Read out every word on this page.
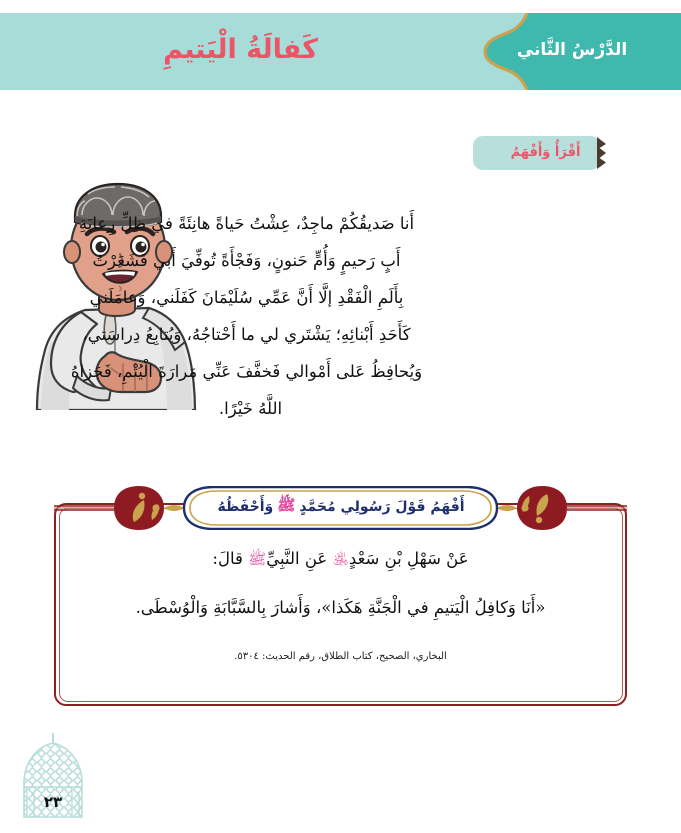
كَفالَةُ الْيَتيمِ	الدَّرْسُ الثَّاني
أَقْرَأُ وَأَفْهَمُ
أَنا صَديقُكُمْ ماجِدٌ، عِشْتُ حَياةً هانِئَةً في ظِلِّ رِعايَةِ
أَبٍ رَحيمٍ وَأُمٍّ حَنونٍ، وَفَجْأَةً تُوفِّيَ أَبي فَشَعَرْتُ
بِأَلَمِ الْفَقْدِ إلَّا أَنَّ عَمِّي سُلَيْمَانَ كَفَلَني، وَعامَلَني
كَأَحَدِ أَبْنائِهِ؛ يَشْتَري لي ما أَحْتاجُهُ، وَيُتابِعُ دِراسَتي،
وَيُحافِظُ عَلى أَمْوالي فَخفَّفَ عَنِّي مَرارَةَ الْيُتْمِ، فَجَزاهُ
اللَّهُ خَيْرًا.
أَفْهَمُ قَوْلَ رَسُولِي مُحَمَّدٍ
ﷺ
وَأَحْفَظُهُ
عَنْ سَهْلِ بْنِ سَعْدٍ﵁ عَنِ النَّبِيِّﷺ قالَ:
«أَنَا وَكافِلُ الْيَتيمِ في الْجَنَّةِ هَكَذا»، وَأَشارَ بِالسَّبَّابَةِ وَالْوُسْطَى.
البخاري، الصحيح، كتاب الطلاق، رقم الحديث: ٥٣٠٤.
٢٣
